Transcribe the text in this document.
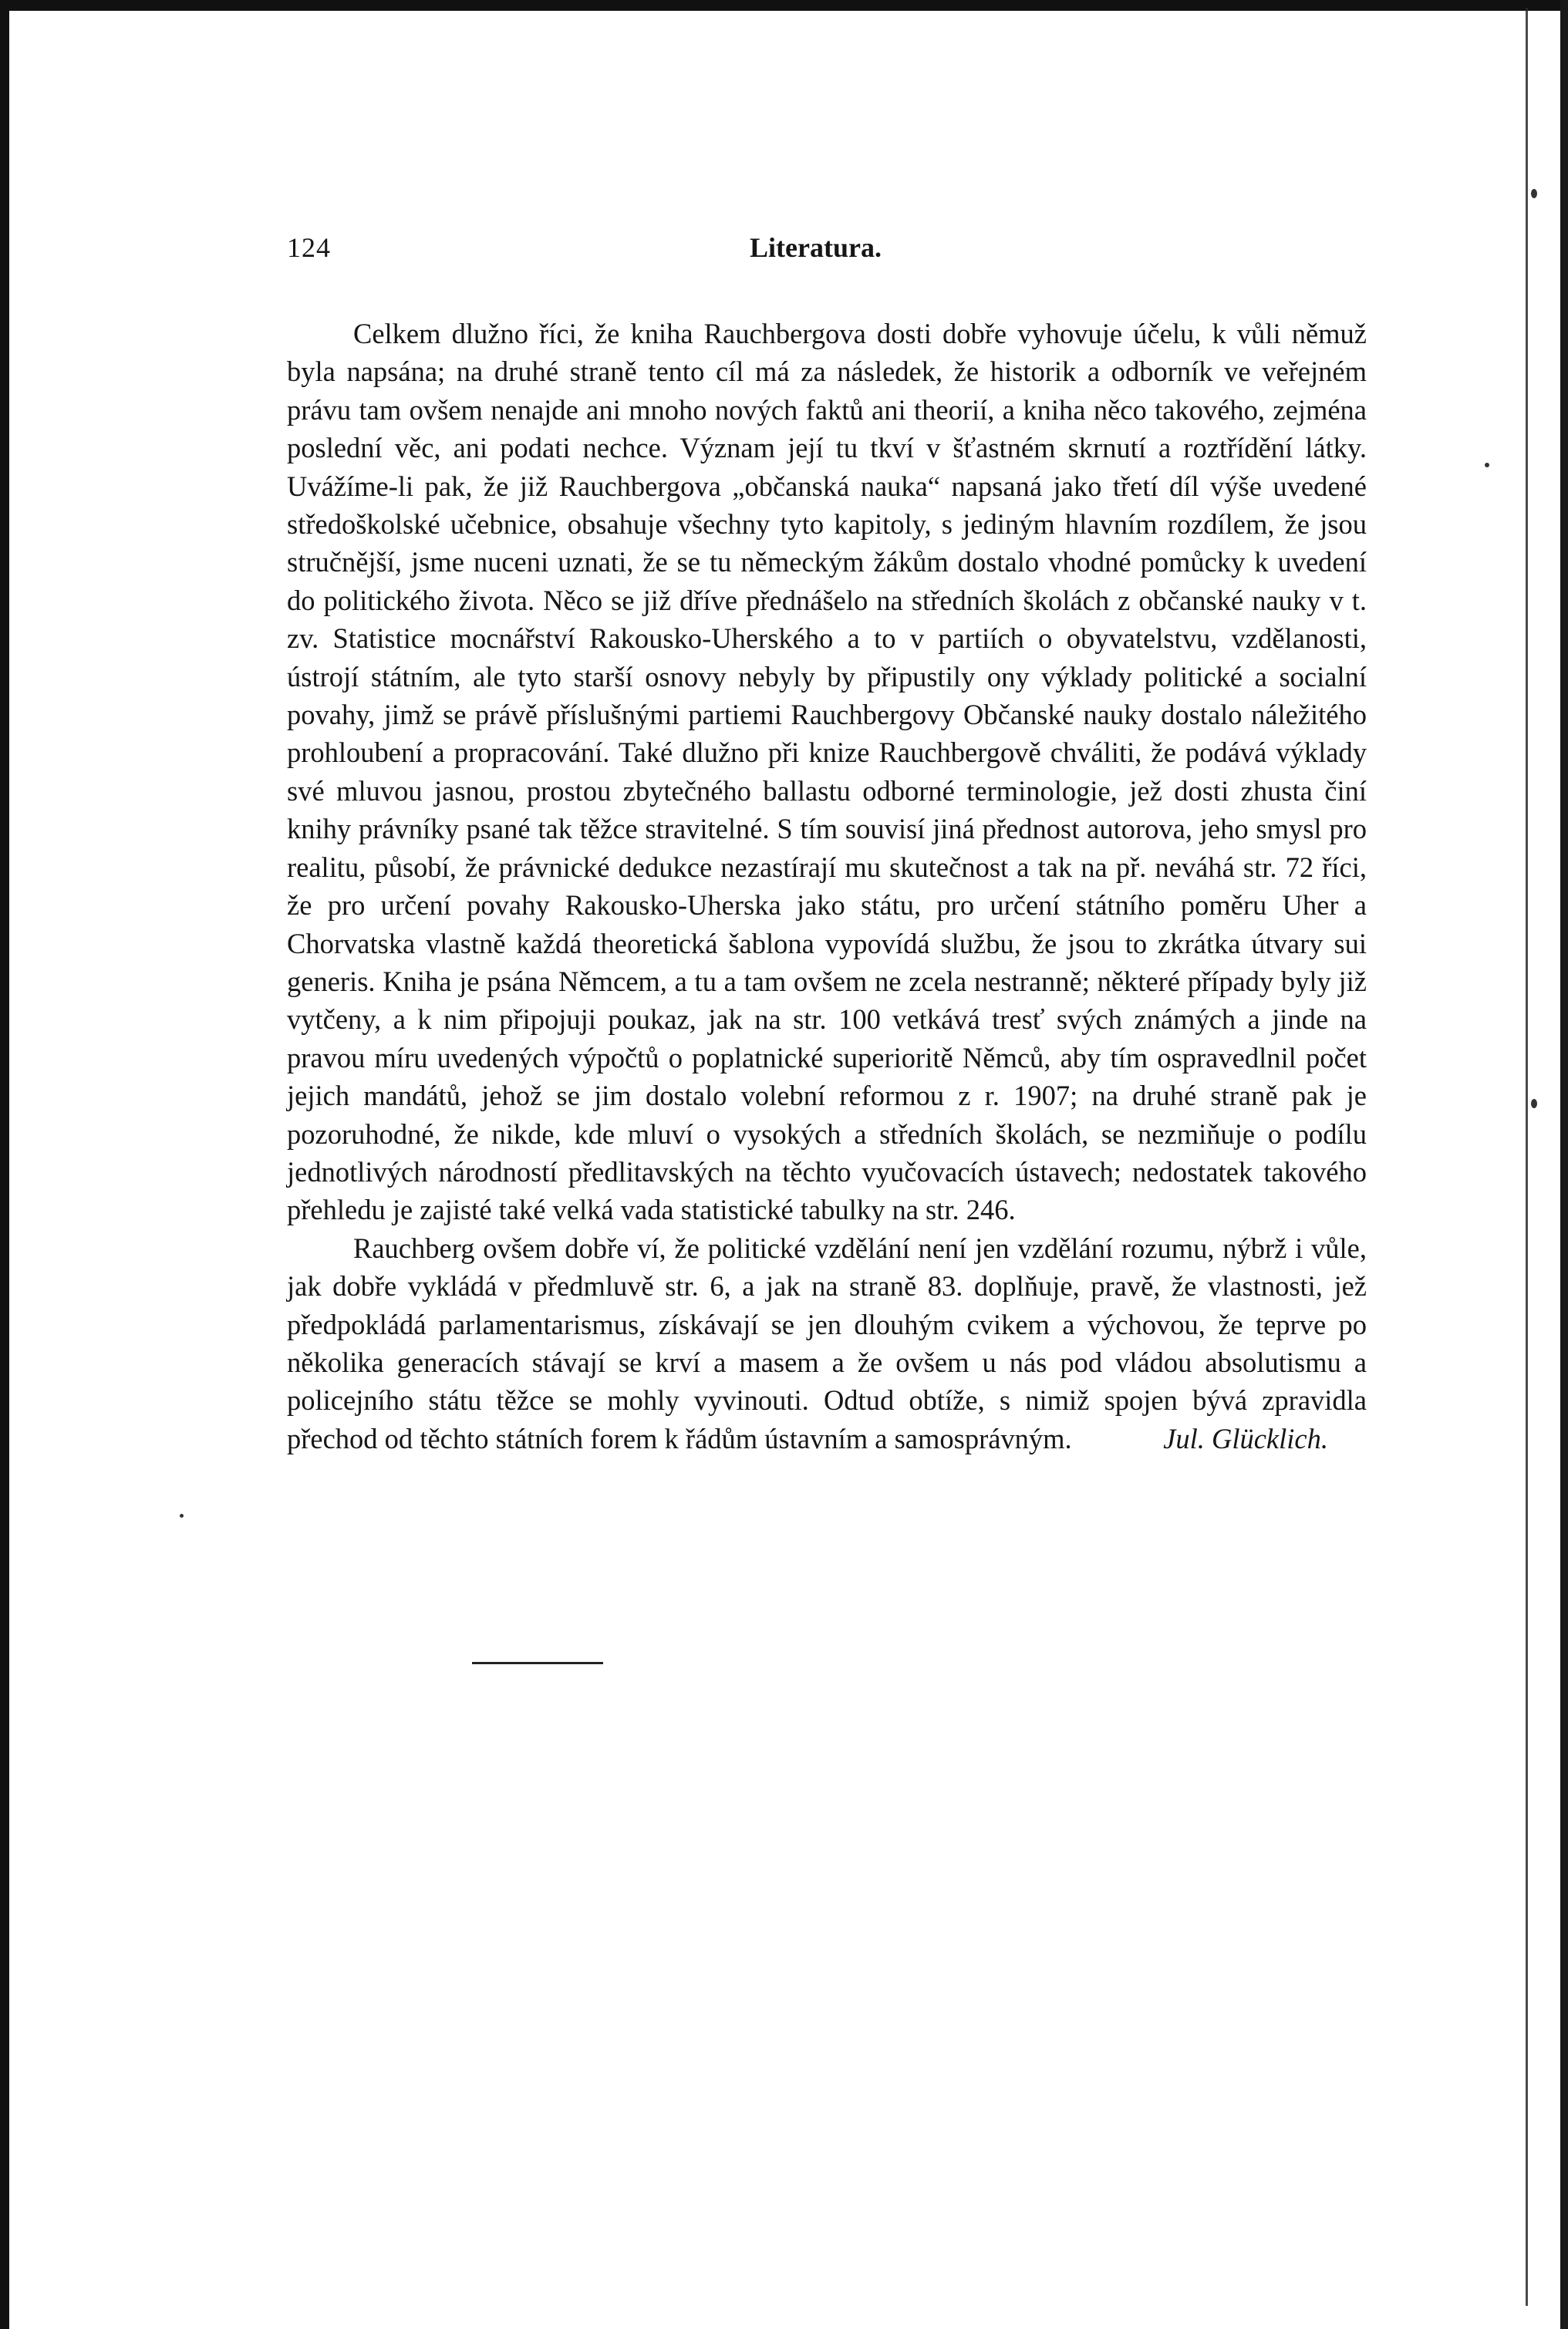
124	Literatura.

Celkem dlužno říci, že kniha Rauchbergova dosti dobře vyhovuje účelu, k vůli němuž byla napsána; na druhé straně tento cíl má za následek, že historik a odborník ve veřejném právu tam ovšem nenajde ani mnoho nových faktů ani theorií, a kniha něco takového, zejména poslední věc, ani podati nechce. Význam její tu tkví v šťastném skrnutí a roztřídění látky. Uvážíme-li pak, že již Rauchbergova „občanská nauka“ napsaná jako třetí díl výše uvedené středoškolské učebnice, obsahuje všechny tyto kapitoly, s jediným hlavním rozdílem, že jsou stručnější, jsme nuceni uznati, že se tu německým žákům dostalo vhodné pomůcky k uvedení do politického života. Něco se již dříve přednášelo na středních školách z občanské nauky v t. zv. Statistice mocnářství Rakousko-Uherského a to v partiích o obyvatelstvu, vzdělanosti, ústrojí státním, ale tyto starší osnovy nebyly by připustily ony výklady politické a socialní povahy, jimž se právě příslušnými partiemi Rauchbergovy Občanské nauky dostalo náležitého prohloubení a propracování. Také dlužno při knize Rauchbergově chváliti, že podává výklady své mluvou jasnou, prostou zbytečného ballastu odborné terminologie, jež dosti zhusta činí knihy právníky psané tak těžce stravitelné. S tím souvisí jiná přednost autorova, jeho smysl pro realitu, působí, že právnické dedukce nezastírají mu skutečnost a tak na př. neváhá str. 72 říci, že pro určení povahy Rakousko-Uherska jako státu, pro určení státního poměru Uher a Chorvatska vlastně každá theoretická šablona vypovídá službu, že jsou to zkrátka útvary sui generis. Kniha je psána Němcem, a tu a tam ovšem ne zcela nestranně; některé případy byly již vytčeny, a k nim připojuji poukaz, jak na str. 100 vetkává tresť svých známých a jinde na pravou míru uvedených výpočtů o poplatnické superioritě Němců, aby tím ospravedlnil počet jejich mandátů, jehož se jim dostalo volební reformou z r. 1907; na druhé straně pak je pozoruhodné, že nikde, kde mluví o vysokých a středních školách, se nezmiňuje o podílu jednotlivých národností předlitavských na těchto vyučovacích ústavech; nedostatek takového přehledu je zajisté také velká vada statistické tabulky na str. 246.

Rauchberg ovšem dobře ví, že politické vzdělání není jen vzdělání rozumu, nýbrž i vůle, jak dobře vykládá v předmluvě str. 6, a jak na straně 83. doplňuje, pravě, že vlastnosti, jež předpokládá parlamentarismus, získávají se jen dlouhým cvikem a výchovou, že teprve po několika generacích stávají se krví a masem a že ovšem u nás pod vládou absolutismu a policejního státu těžce se mohly vyvinouti. Odtud obtíže, s nimiž spojen bývá zpravidla přechod od těchto státních forem k řádům ústavním a samosprávným.	Jul. Glücklich.
